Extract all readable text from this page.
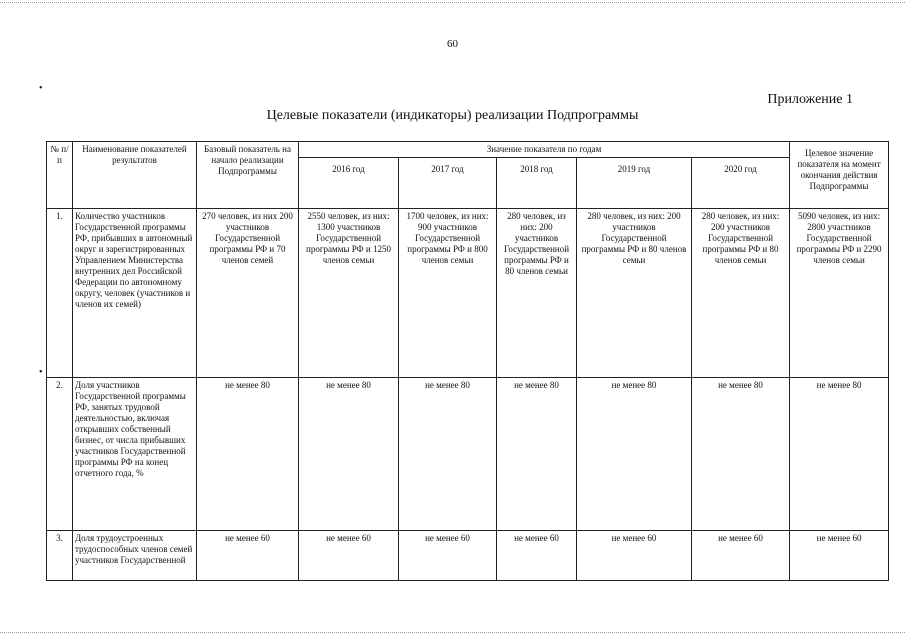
•
•
60
Приложение 1
Целевые показатели (индикаторы) реализации Подпрограммы
№ п/п	Наименование показателей результатов	Базовый показатель на начало реализации Подпрограммы	Значение показателя по годам					Целевое значение показателя на момент окончания действия Подпрограммы
			2016 год	2017 год	2018 год	2019 год	2020 год	
1.	Количество участников Государственной программы РФ, прибывших в автономный округ и зарегистрированных Управлением Министерства внутренних дел Российской Федерации по автономному округу, человек (участников и членов их семей)	270 человек, из них 200 участников Государственной программы РФ и 70 членов семей	2550 человек, из них: 1300 участников Государственной программы РФ и 1250 членов семьи	1700 человек, из них: 900 участников Государственной программы РФ и 800 членов семьи	280 человек, из них: 200 участников Государственной программы РФ и 80 членов семьи	280 человек, из них: 200 участников Государственной программы РФ и 80 членов семьи	280 человек, из них: 200 участников Государственной программы РФ и 80 членов семьи	5090 человек, из них: 2800 участников Государственной программы РФ и 2290 членов семьи
2.	Доля участников Государственной программы РФ, занятых трудовой деятельностью, включая открывших собственный бизнес, от числа прибывших участников Государственной программы РФ на конец отчетного года, %	не менее 80	не менее 80	не менее 80	не менее 80	не менее 80	не менее 80	не менее 80
3.	Доля трудоустроенных трудоспособных членов семей участников Государственной	не менее 60	не менее 60	не менее 60	не менее 60	не менее 60	не менее 60	не менее 60
